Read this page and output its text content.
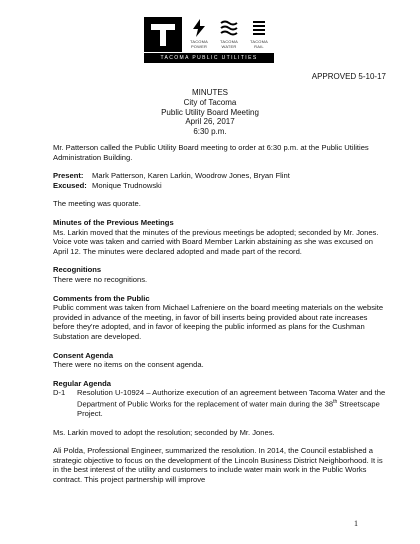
TACOMA
POWER
TACOMA
WATER
TACOMA
RAIL
TACOMA PUBLIC UTILITIES
APPROVED 5-10-17
MINUTES
City of Tacoma
Public Utility Board Meeting
April 26, 2017
6:30 p.m.

Mr. Patterson called the Public Utility Board meeting to order at 6:30 p.m. at the Public Utilities Administration Building.

Present: Mark Patterson, Karen Larkin, Woodrow Jones, Bryan Flint
Excused: Monique Trudnowski

The meeting was quorate.

Minutes of the Previous Meetings

Ms. Larkin moved that the minutes of the previous meetings be adopted; seconded by Mr. Jones. Voice vote was taken and carried with Board Member Larkin abstaining as she was excused on April 12. The minutes were declared adopted and made part of the record.

Recognitions

There were no recognitions.

Comments from the Public

Public comment was taken from Michael Lafreniere on the board meeting materials on the website provided in advance of the meeting, in favor of bill inserts being provided about rate increases before they're adopted, and in favor of keeping the public informed as plans for the Cushman Substation are developed.

Consent Agenda

There were no items on the consent agenda.

Regular Agenda
D-1	Resolution U-10924 – Authorize execution of an agreement between Tacoma Water and the Department of Public Works for the replacement of water main during the 38th Streetscape Project.

Ms. Larkin moved to adopt the resolution; seconded by Mr. Jones.

Ali Polda, Professional Engineer, summarized the resolution. In 2014, the Council established a strategic objective to focus on the development of the Lincoln Business District Neighborhood. It is in the best interest of the utility and customers to include water main work in the Public Works contract. This project partnership will improve

1
